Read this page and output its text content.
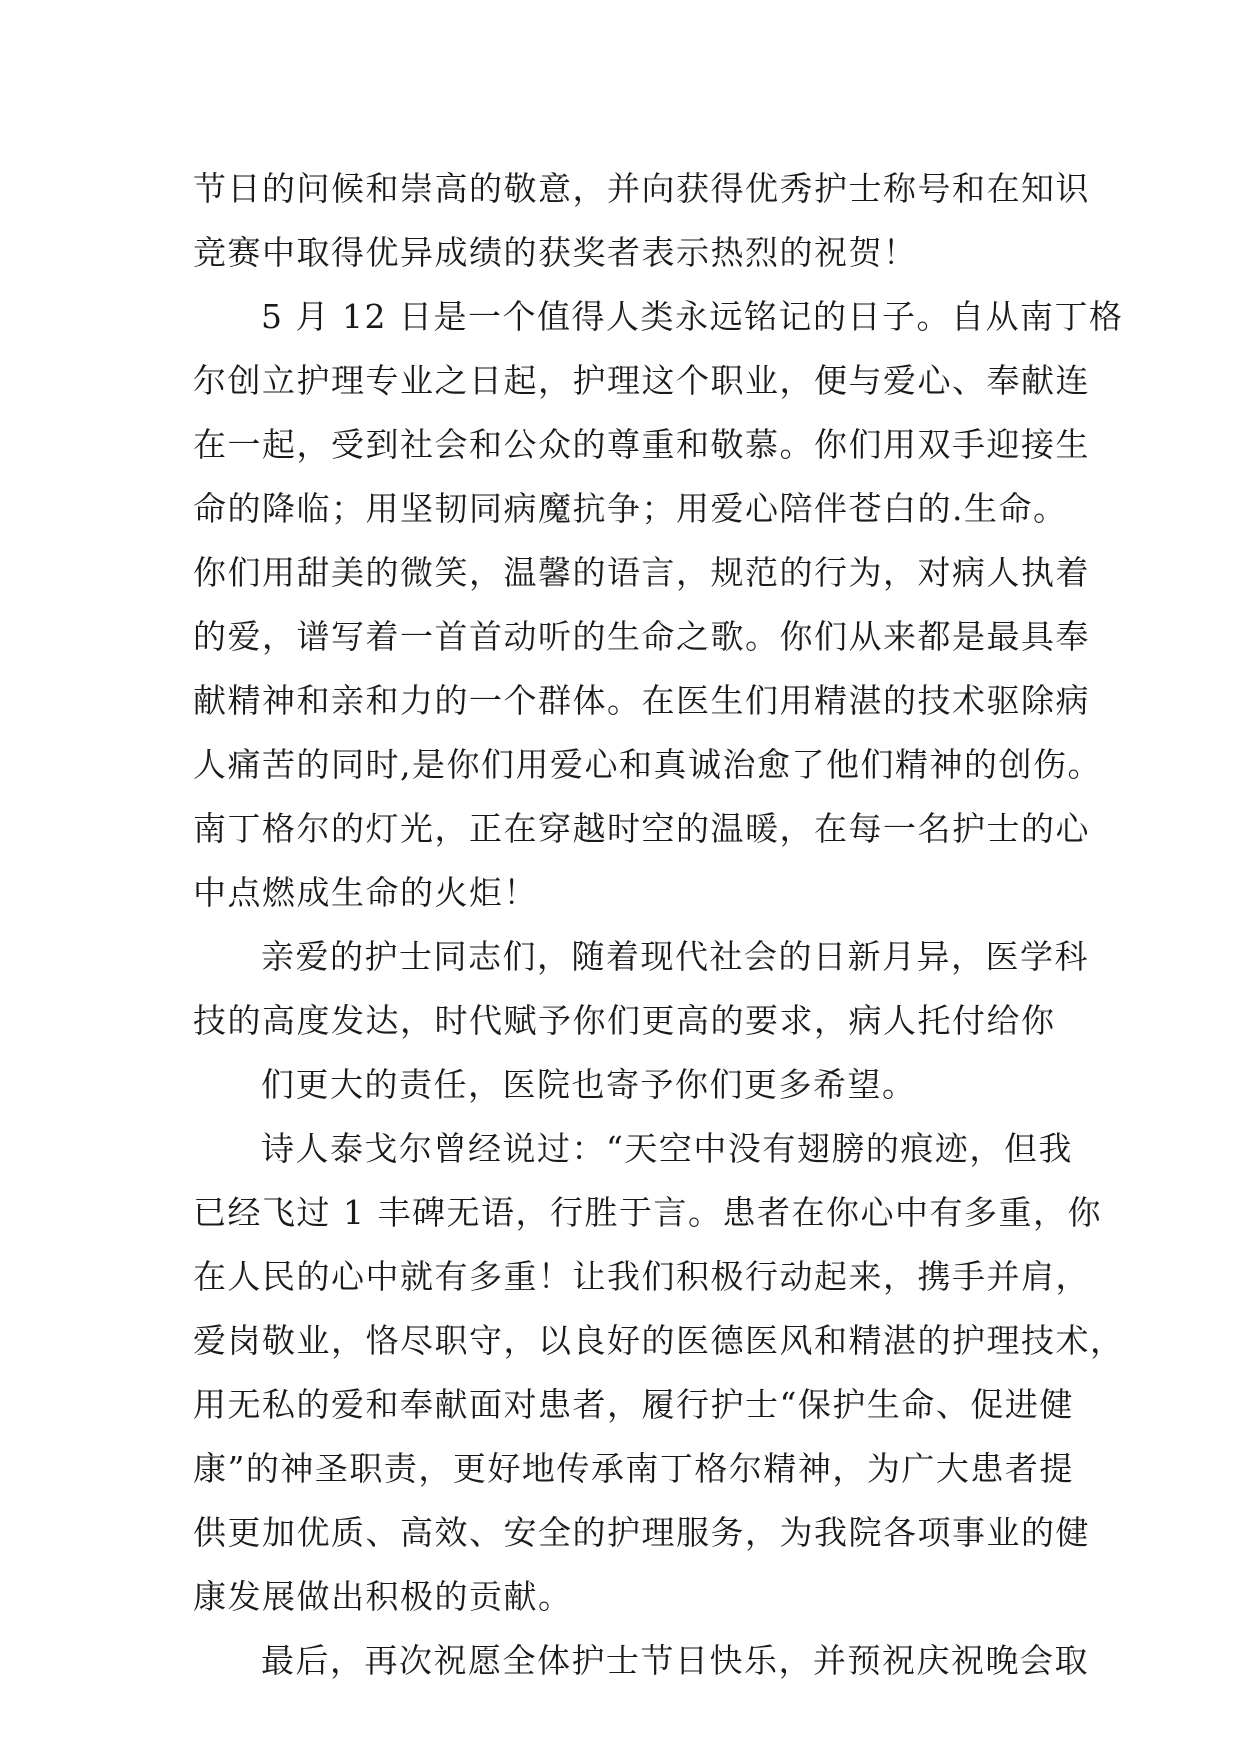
节日的问候和崇高的敬意，并向获得优秀护士称号和在知识
竞赛中取得优异成绩的获奖者表示热烈的祝贺！
5 月 12 日是一个值得人类永远铭记的日子。自从南丁格
尔创立护理专业之日起，护理这个职业，便与爱心、奉献连
在一起，受到社会和公众的尊重和敬慕。你们用双手迎接生
命的降临；用坚韧同病魔抗争；用爱心陪伴苍白的.生命。
你们用甜美的微笑，温馨的语言，规范的行为，对病人执着
的爱，谱写着一首首动听的生命之歌。你们从来都是最具奉
献精神和亲和力的一个群体。在医生们用精湛的技术驱除病
人痛苦的同时,是你们用爱心和真诚治愈了他们精神的创伤。
南丁格尔的灯光，正在穿越时空的温暖，在每一名护士的心
中点燃成生命的火炬！
亲爱的护士同志们，随着现代社会的日新月异，医学科
技的高度发达，时代赋予你们更高的要求，病人托付给你
们更大的责任，医院也寄予你们更多希望。
诗人泰戈尔曾经说过：“天空中没有翅膀的痕迹，但我
已经飞过 1 丰碑无语，行胜于言。患者在你心中有多重，你
在人民的心中就有多重！让我们积极行动起来，携手并肩，
爱岗敬业，恪尽职守，以良好的医德医风和精湛的护理技术，
用无私的爱和奉献面对患者，履行护士“保护生命、促进健
康”的神圣职责，更好地传承南丁格尔精神，为广大患者提
供更加优质、高效、安全的护理服务，为我院各项事业的健
康发展做出积极的贡献。
最后，再次祝愿全体护士节日快乐，并预祝庆祝晚会取
